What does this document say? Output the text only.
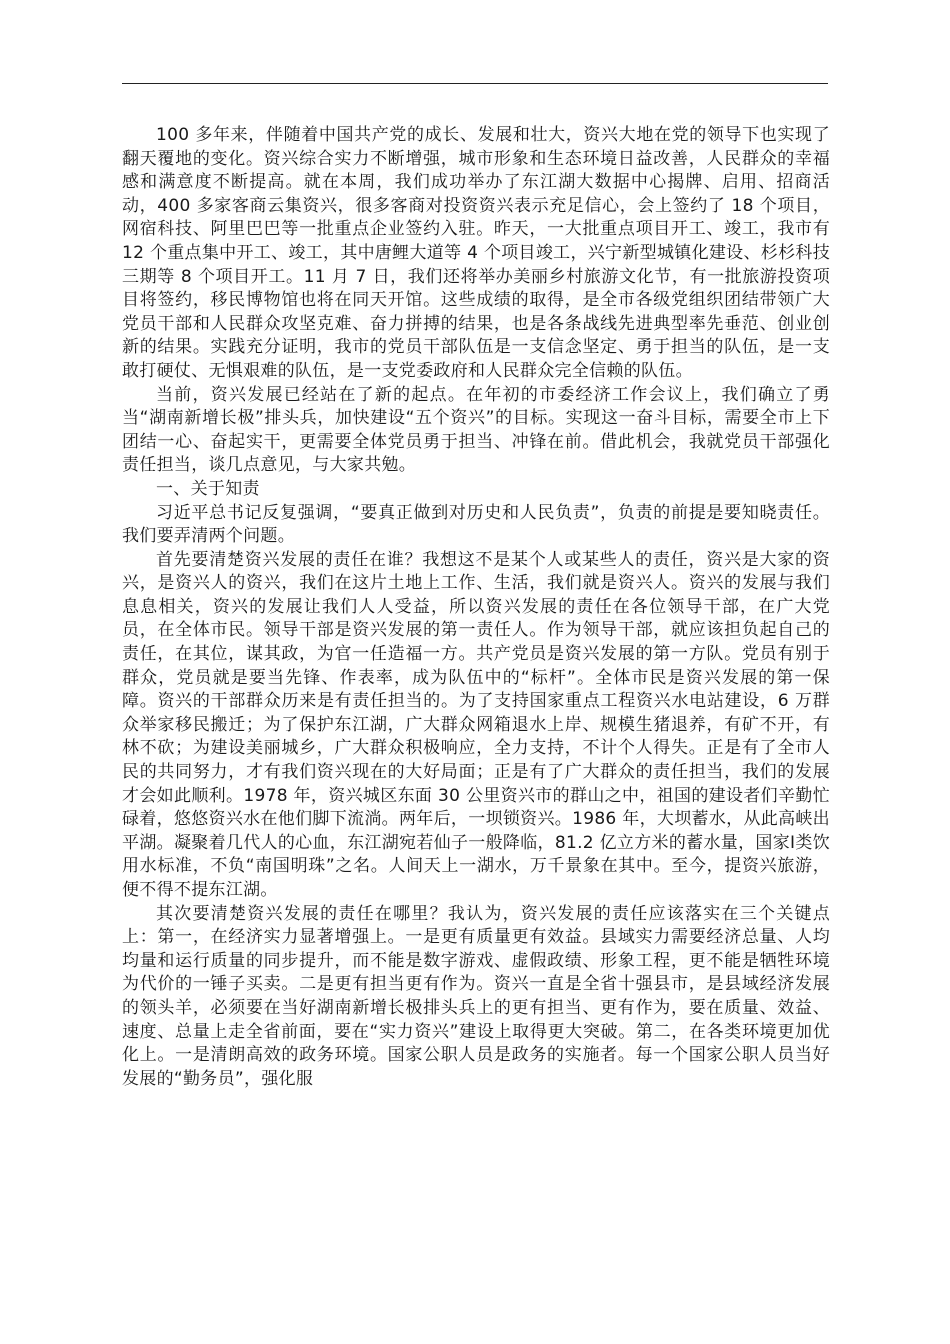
100 多年来，伴随着中国共产党的成长、发展和壮大，资兴大地在党的领导下也实现了翻天覆地的变化。资兴综合实力不断增强，城市形象和生态环境日益改善，人民群众的幸福感和满意度不断提高。就在本周，我们成功举办了东江湖大数据中心揭牌、启用、招商活动，400 多家客商云集资兴，很多客商对投资资兴表示充足信心，会上签约了 18 个项目，网宿科技、阿里巴巴等一批重点企业签约入驻。昨天，一大批重点项目开工、竣工，我市有 12 个重点集中开工、竣工，其中唐鲤大道等 4 个项目竣工，兴宁新型城镇化建设、杉杉科技三期等 8 个项目开工。11 月 7 日，我们还将举办美丽乡村旅游文化节，有一批旅游投资项目将签约，移民博物馆也将在同天开馆。这些成绩的取得，是全市各级党组织团结带领广大党员干部和人民群众攻坚克难、奋力拼搏的结果，也是各条战线先进典型率先垂范、创业创新的结果。实践充分证明，我市的党员干部队伍是一支信念坚定、勇于担当的队伍，是一支敢打硬仗、无惧艰难的队伍，是一支党委政府和人民群众完全信赖的队伍。

当前，资兴发展已经站在了新的起点。在年初的市委经济工作会议上，我们确立了勇当“湖南新增长极”排头兵，加快建设“五个资兴”的目标。实现这一奋斗目标，需要全市上下团结一心、奋起实干，更需要全体党员勇于担当、冲锋在前。借此机会，我就党员干部强化责任担当，谈几点意见，与大家共勉。

一、关于知责

习近平总书记反复强调，“要真正做到对历史和人民负责”，负责的前提是要知晓责任。我们要弄清两个问题。

首先要清楚资兴发展的责任在谁？我想这不是某个人或某些人的责任，资兴是大家的资兴，是资兴人的资兴，我们在这片土地上工作、生活，我们就是资兴人。资兴的发展与我们息息相关，资兴的发展让我们人人受益，所以资兴发展的责任在各位领导干部，在广大党员，在全体市民。领导干部是资兴发展的第一责任人。作为领导干部，就应该担负起自己的责任，在其位，谋其政，为官一任造福一方。共产党员是资兴发展的第一方队。党员有别于群众，党员就是要当先锋、作表率，成为队伍中的“标杆”。全体市民是资兴发展的第一保障。资兴的干部群众历来是有责任担当的。为了支持国家重点工程资兴水电站建设，6 万群众举家移民搬迁；为了保护东江湖，广大群众网箱退水上岸、规模生猪退养，有矿不开，有林不砍；为建设美丽城乡，广大群众积极响应，全力支持，不计个人得失。正是有了全市人民的共同努力，才有我们资兴现在的大好局面；正是有了广大群众的责任担当，我们的发展才会如此顺利。1978 年，资兴城区东面 30 公里资兴市的群山之中，祖国的建设者们辛勤忙碌着，悠悠资兴水在他们脚下流淌。两年后，一坝锁资兴。1986 年，大坝蓄水，从此高峡出平湖。凝聚着几代人的心血，东江湖宛若仙子一般降临，81.2 亿立方米的蓄水量，国家Ⅰ类饮用水标准，不负“南国明珠”之名。人间天上一湖水，万千景象在其中。至今，提资兴旅游，便不得不提东江湖。

其次要清楚资兴发展的责任在哪里？我认为，资兴发展的责任应该落实在三个关键点上：第一，在经济实力显著增强上。一是更有质量更有效益。县域实力需要经济总量、人均均量和运行质量的同步提升，而不能是数字游戏、虚假政绩、形象工程，更不能是牺牲环境为代价的一锤子买卖。二是更有担当更有作为。资兴一直是全省十强县市，是县域经济发展的领头羊，必须要在当好湖南新增长极排头兵上的更有担当、更有作为，要在质量、效益、速度、总量上走全省前面，要在“实力资兴”建设上取得更大突破。第二，在各类环境更加优化上。一是清朗高效的政务环境。国家公职人员是政务的实施者。每一个国家公职人员当好发展的“勤务员”，强化服
